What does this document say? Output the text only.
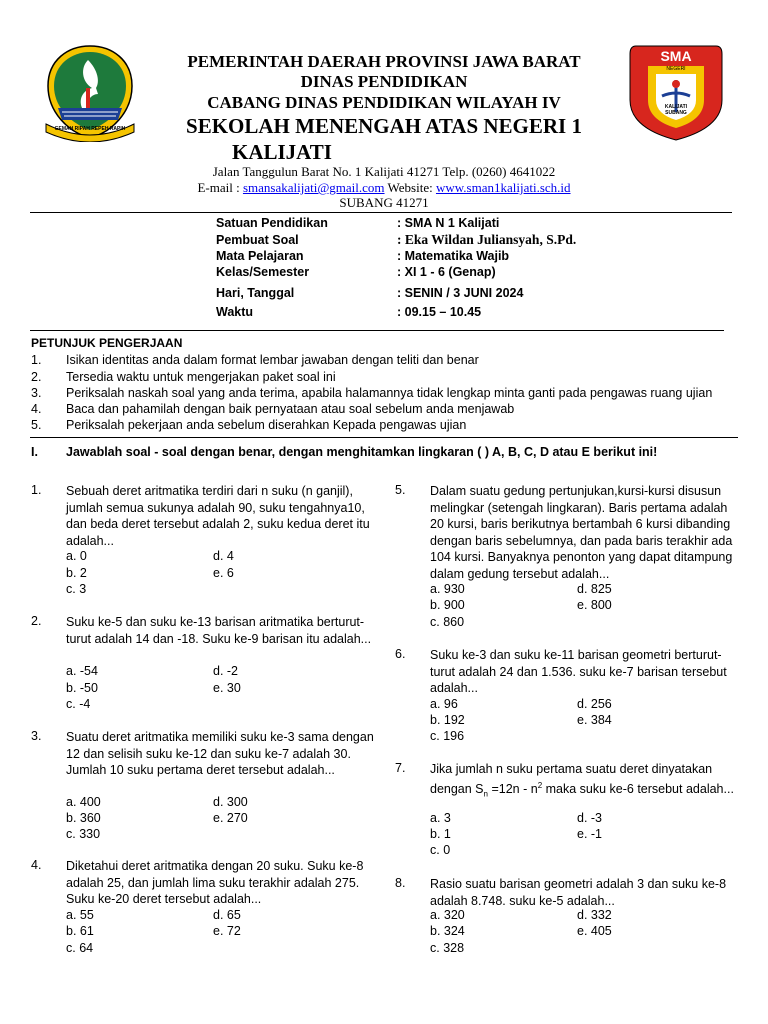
GEMAH RIPAH REPEH RAPIH
SMA
NEGERI
KALIJATI SUBANG
PEMERINTAH DAERAH PROVINSI JAWA BARAT
DINAS PENDIDIKAN
CABANG DINAS PENDIDIKAN WILAYAH IV
SEKOLAH MENENGAH ATAS NEGERI 1
KALIJATI
Jalan Tanggulun Barat No. 1 Kalijati 41271 Telp. (0260) 4641022
E-mail : smansakalijati@gmail.com Website: www.sman1kalijati.sch.id
SUBANG 41271
Satuan Pendidikan	: SMA N 1 Kalijati
Pembuat Soal	: Eka Wildan Juliansyah, S.Pd.
Mata Pelajaran	: Matematika Wajib
Kelas/Semester	: XI 1 - 6 (Genap)
Hari, Tanggal	: SENIN / 3 JUNI 2024
Waktu	: 09.15 – 10.45
PETUNJUK PENGERJAAN
1. Isikan identitas anda dalam format lembar jawaban dengan teliti dan benar
2. Tersedia waktu untuk mengerjakan paket soal ini
3. Periksalah naskah soal yang anda terima, apabila halamannya tidak lengkap minta ganti pada pengawas ruang ujian
4. Baca dan pahamilah dengan baik pernyataan atau soal sebelum anda menjawab
5. Periksalah pekerjaan anda sebelum diserahkan Kepada pengawas ujian
I. Jawablah soal - soal dengan benar, dengan menghitamkan lingkaran ( ) A, B, C, D atau E berikut ini!
1. Sebuah deret aritmatika terdiri dari n suku (n ganjil), jumlah semua sukunya adalah 90, suku tengahnya10, dan beda deret tersebut adalah 2, suku kedua deret itu adalah...
a. 0	d. 4
b. 2	e. 6
c. 3
2. Suku ke-5 dan suku ke-13 barisan aritmatika berturut-turut adalah 14 dan -18. Suku ke-9 barisan itu adalah...
a. -54	d. -2
b. -50	e. 30
c. -4
3. Suatu deret aritmatika memiliki suku ke-3 sama dengan 12 dan selisih suku ke-12 dan suku ke-7 adalah 30. Jumlah 10 suku pertama deret tersebut adalah...
a. 400	d. 300
b. 360	e. 270
c. 330
4. Diketahui deret aritmatika dengan 20 suku. Suku ke-8 adalah 25, dan jumlah lima suku terakhir adalah 275. Suku ke-20 deret tersebut adalah...
a. 55	d. 65
b. 61	e. 72
c. 64
5. Dalam suatu gedung pertunjukan,kursi-kursi disusun melingkar (setengah lingkaran). Baris pertama adalah 20 kursi, baris berikutnya bertambah 6 kursi dibanding dengan baris sebelumnya, dan pada baris terakhir ada 104 kursi. Banyaknya penonton yang dapat ditampung dalam gedung tersebut adalah...
a. 930	d. 825
b. 900	e. 800
c. 860
6. Suku ke-3 dan suku ke-11 barisan geometri berturut-turut adalah 24 dan 1.536. suku ke-7 barisan tersebut adalah...
a. 96	d. 256
b. 192	e. 384
c. 196
7. Jika jumlah n suku pertama suatu deret dinyatakan dengan $S_n =12n - n^2$ maka suku ke-6 tersebut adalah...
a. 3	d. -3
b. 1	e. -1
c. 0
8. Rasio suatu barisan geometri adalah 3 dan suku ke-8 adalah 8.748. suku ke-5 adalah...
a. 320	d. 332
b. 324	e. 405
c. 328
